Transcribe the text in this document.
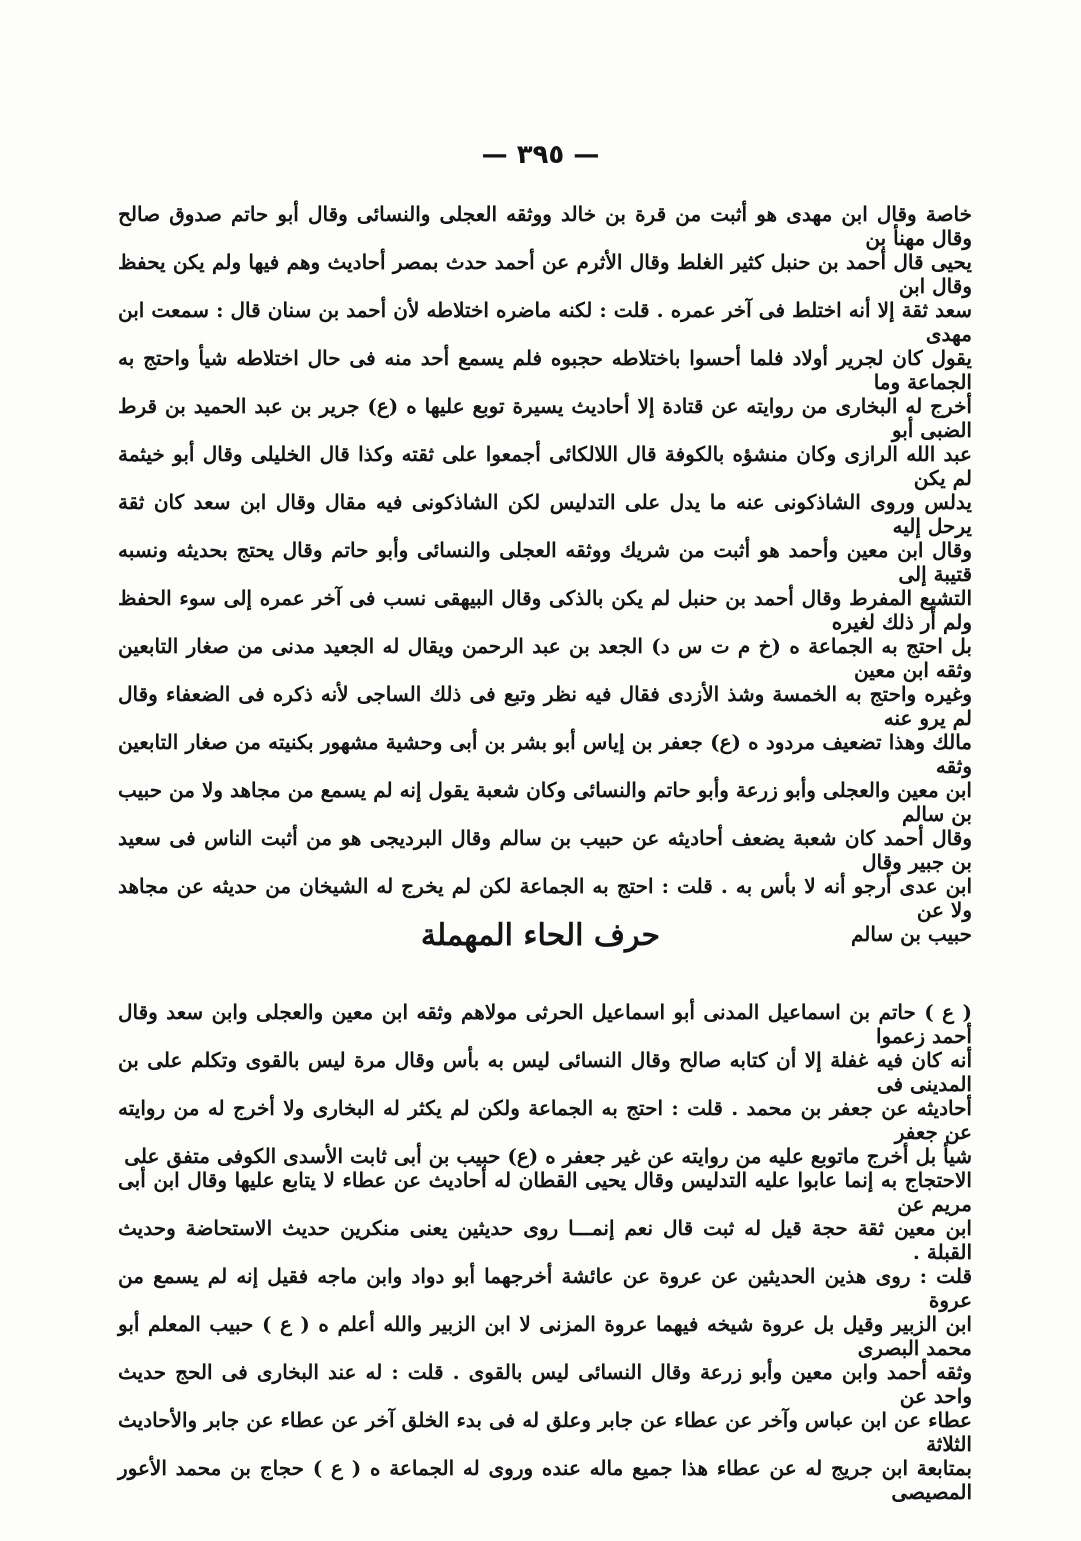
— ٣٩٥ —

خاصة وقال ابن مهدى هو أثبت من قرة بن خالد ووثقه العجلى والنسائى وقال أبو حاتم صدوق صالح وقال مهنأ بن

يحيى قال أحمد بن حنبل كثير الغلط وقال الأثرم عن أحمد حدث بمصر أحاديث وهم فيها ولم يكن يحفظ وقال ابن

سعد ثقة إلا أنه اختلط فى آخر عمره . قلت : لكنه ماضره اختلاطه لأن أحمد بن سنان قال : سمعت ابن مهدى

يقول كان لجرير أولاد فلما أحسوا باختلاطه حجبوه فلم يسمع أحد منه فى حال اختلاطه شيأ واحتج به الجماعة وما

أخرج له البخارى من روايته عن قتادة إلا أحاديث يسيرة توبع عليها ه (ع) جرير بن عبد الحميد بن قرط الضبى أبو

عبد الله الرازى وكان منشؤه بالكوفة قال اللالكائى أجمعوا على ثقته وكذا قال الخليلى وقال أبو خيثمة لم يكن

يدلس وروى الشاذكونى عنه ما يدل على التدليس لكن الشاذكونى فيه مقال وقال ابن سعد كان ثقة يرحل إليه

وقال ابن معين وأحمد هو أثبت من شريك ووثقه العجلى والنسائى وأبو حاتم وقال يحتج بحديثه ونسبه قتيبة إلى

التشيع المفرط وقال أحمد بن حنبل لم يكن بالذكى وقال البيهقى نسب فى آخر عمره إلى سوء الحفظ ولم أر ذلك لغيره

بل احتج به الجماعة ه (خ م ت س د) الجعد بن عبد الرحمن ويقال له الجعيد مدنى من صغار التابعين وثقه ابن معين

وغيره واحتج به الخمسة وشذ الأزدى فقال فيه نظر وتبع فى ذلك الساجى لأنه ذكره فى الضعفاء وقال لم يرو عنه

مالك وهذا تضعيف مردود ه (ع) جعفر بن إياس أبو بشر بن أبى وحشية مشهور بكنيته من صغار التابعين وثقه

ابن معين والعجلى وأبو زرعة وأبو حاتم والنسائى وكان شعبة يقول إنه لم يسمع من مجاهد ولا من حبيب بن سالم

وقال أحمد كان شعبة يضعف أحاديثه عن حبيب بن سالم وقال البرديجى هو من أثبت الناس فى سعيد بن جبير وقال

ابن عدى أرجو أنه لا بأس به . قلت : احتج به الجماعة لكن لم يخرج له الشيخان من حديثه عن مجاهد ولا عن

حبيب بن سالم

حرف الحاء المهملة

( ع ) حاتم بن اسماعيل المدنى أبو اسماعيل الحرثى مولاهم وثقه ابن معين والعجلى وابن سعد وقال أحمد زعموا

أنه كان فيه غفلة إلا أن كتابه صالح وقال النسائى ليس به بأس وقال مرة ليس بالقوى وتكلم على بن المدينى فى

أحاديثه عن جعفر بن محمد . قلت : احتج به الجماعة ولكن لم يكثر له البخارى ولا أخرج له من روايته عن جعفر

شيأ بل أخرج ماتوبع عليه من روايته عن غير جعفر ه (ع) حبيب بن أبى ثابت الأسدى الكوفى متفق على

الاحتجاج به إنما عابوا عليه التدليس وقال يحيى القطان له أحاديث عن عطاء لا يتابع عليها وقال ابن أبى مريم عن

ابن معين ثقة حجة قيل له ثبت قال نعم إنمـــا روى حديثين يعنى منكرين حديث الاستحاضة وحديث القبلة .

قلت : روى هذين الحديثين عن عروة عن عائشة أخرجهما أبو دواد وابن ماجه فقيل إنه لم يسمع من عروة

ابن الزبير وقيل بل عروة شيخه فيهما عروة المزنى لا ابن الزبير والله أعلم ه ( ع ) حبيب المعلم أبو محمد البصرى

وثقه أحمد وابن معين وأبو زرعة وقال النسائى ليس بالقوى . قلت : له عند البخارى فى الحج حديث واحد عن

عطاء عن ابن عباس وآخر عن عطاء عن جابر وعلق له فى بدء الخلق آخر عن عطاء عن جابر والأحاديث الثلاثة

بمتابعة ابن جريج له عن عطاء هذا جميع ماله عنده وروى له الجماعة ه ( ع ) حجاج بن محمد الأعور المصيصى
